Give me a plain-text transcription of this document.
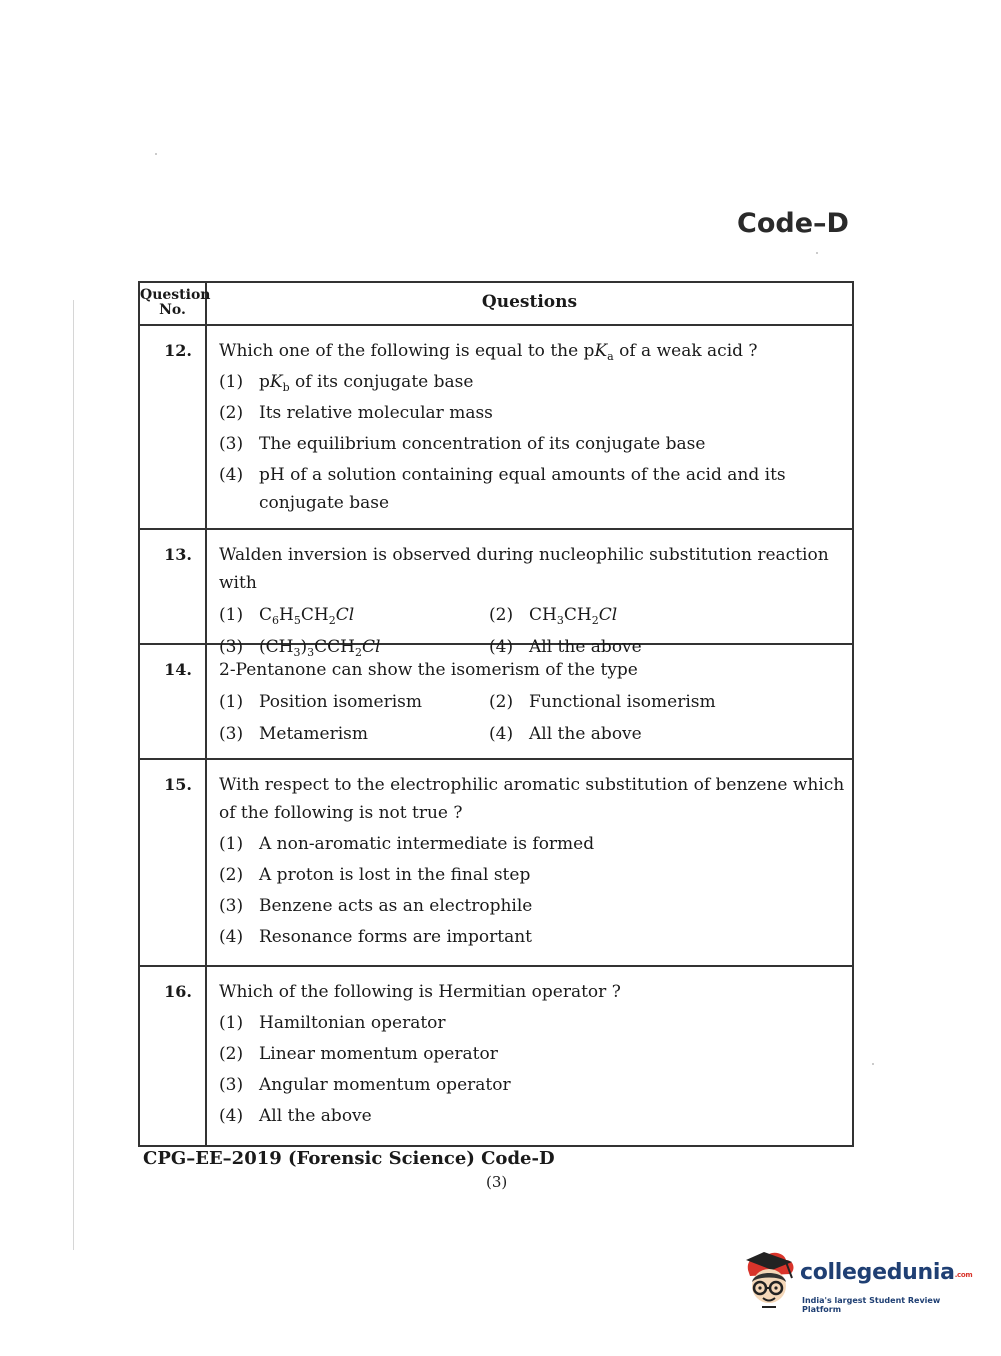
Code–D
Question No.	Questions
12.	Which one of the following is equal to the $pK_a$ of a weak acid ?
(1) $pK_b$ of its conjugate base
(2) Its relative molecular mass
(3) The equilibrium concentration of its conjugate base
(4) pH of a solution containing equal amounts of the acid and its conjugate base
13.	Walden inversion is observed during nucleophilic substitution reaction with
(1) $C_6H_5CH_2Cl$	(2) $CH_3CH_2Cl$
(3) $(CH_3)_3CCH_2Cl$	(4) All the above
14.	2-Pentanone can show the isomerism of the type
(1) Position isomerism	(2) Functional isomerism
(3) Metamerism	(4) All the above
15.	With respect to the electrophilic aromatic substitution of benzene which of the following is not true ?
(1) A non-aromatic intermediate is formed
(2) A proton is lost in the final step
(3) Benzene acts as an electrophile
(4) Resonance forms are important
16.	Which of the following is Hermitian operator ?
(1) Hamiltonian operator
(2) Linear momentum operator
(3) Angular momentum operator
(4) All the above
CPG–EE–2019 (Forensic Science) Code-D
(3)
collegedunia.com
India's largest Student Review Platform
